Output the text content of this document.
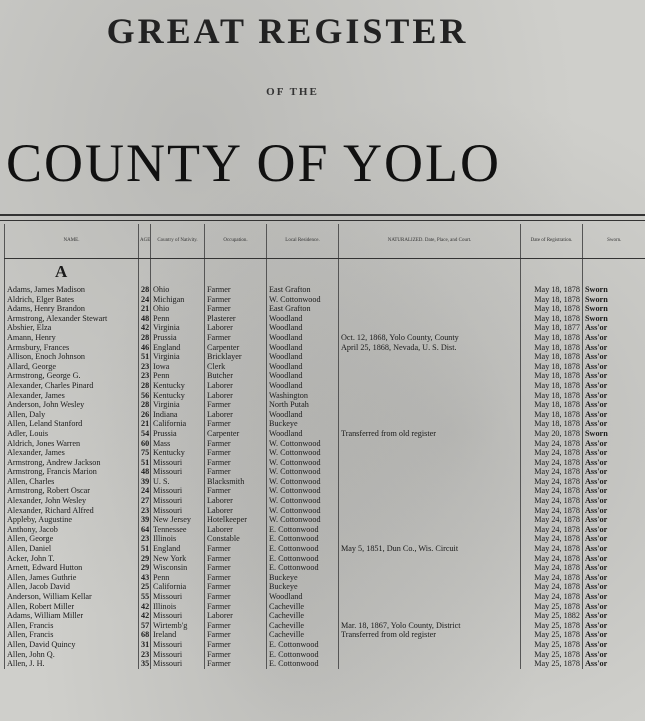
GREAT REGISTER
OF THE
COUNTY OF YOLO
NAME.	AGE	Country of Nativity.	Occupation.	Local Residence.	NATURALIZED. Date, Place, and Court.	Date of Registration.	Sworn.
A							
Adams, James Madison	28	Ohio	Farmer	East Grafton		May 18, 1878	Sworn
Aldrich, Elger Bates	24	Michigan	Farmer	W. Cottonwood		May 18, 1878	Sworn
Adams, Henry Brandon	21	Ohio	Farmer	East Grafton		May 18, 1878	Sworn
Armstrong, Alexander Stewart	48	Penn	Plasterer	Woodland		May 18, 1878	Sworn
Abshier, Elza	42	Virginia	Laborer	Woodland		May 18, 1877	Ass'or
Amann, Henry	28	Prussia	Farmer	Woodland	Oct. 12, 1868, Yolo County, County	May 18, 1878	Ass'or
Armsbury, Frances	46	England	Carpenter	Woodland	April 25, 1868, Nevada, U. S. Dist.	May 18, 1878	Ass'or
Allison, Enoch Johnson	51	Virginia	Bricklayer	Woodland		May 18, 1878	Ass'or
Allard, George	23	Iowa	Clerk	Woodland		May 18, 1878	Ass'or
Armstrong, George G.	23	Penn	Butcher	Woodland		May 18, 1878	Ass'or
Alexander, Charles Pinard	28	Kentucky	Laborer	Woodland		May 18, 1878	Ass'or
Alexander, James	56	Kentucky	Laborer	Washington		May 18, 1878	Ass'or
Anderson, John Wesley	28	Virginia	Farmer	North Putah		May 18, 1878	Ass'or
Allen, Daly	26	Indiana	Laborer	Woodland		May 18, 1878	Ass'or
Allen, Leland Stanford	21	California	Farmer	Buckeye		May 18, 1878	Ass'or
Adler, Louis	54	Prussia	Carpenter	Woodland	Transferred from old register	May 20, 1878	Sworn
Aldrich, Jones Warren	60	Mass	Farmer	W. Cottonwood		May 24, 1878	Ass'or
Alexander, James	75	Kentucky	Farmer	W. Cottonwood		May 24, 1878	Ass'or
Armstrong, Andrew Jackson	51	Missouri	Farmer	W. Cottonwood		May 24, 1878	Ass'or
Armstrong, Francis Marion	48	Missouri	Farmer	W. Cottonwood		May 24, 1878	Ass'or
Allen, Charles	39	U. S.	Blacksmith	W. Cottonwood		May 24, 1878	Ass'or
Armstrong, Robert Oscar	24	Missouri	Farmer	W. Cottonwood		May 24, 1878	Ass'or
Alexander, John Wesley	27	Missouri	Laborer	W. Cottonwood		May 24, 1878	Ass'or
Alexander, Richard Alfred	23	Missouri	Laborer	W. Cottonwood		May 24, 1878	Ass'or
Appleby, Augustine	39	New Jersey	Hotelkeeper	W. Cottonwood		May 24, 1878	Ass'or
Anthony, Jacob	64	Tennessee	Laborer	E. Cottonwood		May 24, 1878	Ass'or
Allen, George	23	Illinois	Constable	E. Cottonwood		May 24, 1878	Ass'or
Allen, Daniel	51	England	Farmer	E. Cottonwood	May 5, 1851, Dun Co., Wis. Circuit	May 24, 1878	Ass'or
Acker, John T.	29	New York	Farmer	E. Cottonwood		May 24, 1878	Ass'or
Arnett, Edward Hutton	29	Wisconsin	Farmer	E. Cottonwood		May 24, 1878	Ass'or
Allen, James Guthrie	43	Penn	Farmer	Buckeye		May 24, 1878	Ass'or
Allen, Jacob David	25	California	Farmer	Buckeye		May 24, 1878	Ass'or
Anderson, William Kellar	55	Missouri	Farmer	Woodland		May 24, 1878	Ass'or
Allen, Robert Miller	42	Illinois	Farmer	Cacheville		May 25, 1878	Ass'or
Adams, William Miller	42	Missouri	Laborer	Cacheville		May 25, 1882	Ass'or
Allen, Francis	57	Wirtemb'g	Farmer	Cacheville	Mar. 18, 1867, Yolo County, District	May 25, 1878	Ass'or
Allen, Francis	68	Ireland	Farmer	Cacheville	Transferred from old register	May 25, 1878	Ass'or
Allen, David Quincy	31	Missouri	Farmer	E. Cottonwood		May 25, 1878	Ass'or
Allen, John Q.	23	Missouri	Farmer	E. Cottonwood		May 25, 1878	Ass'or
Allen, J. H.	35	Missouri	Farmer	E. Cottonwood		May 25, 1878	Ass'or
